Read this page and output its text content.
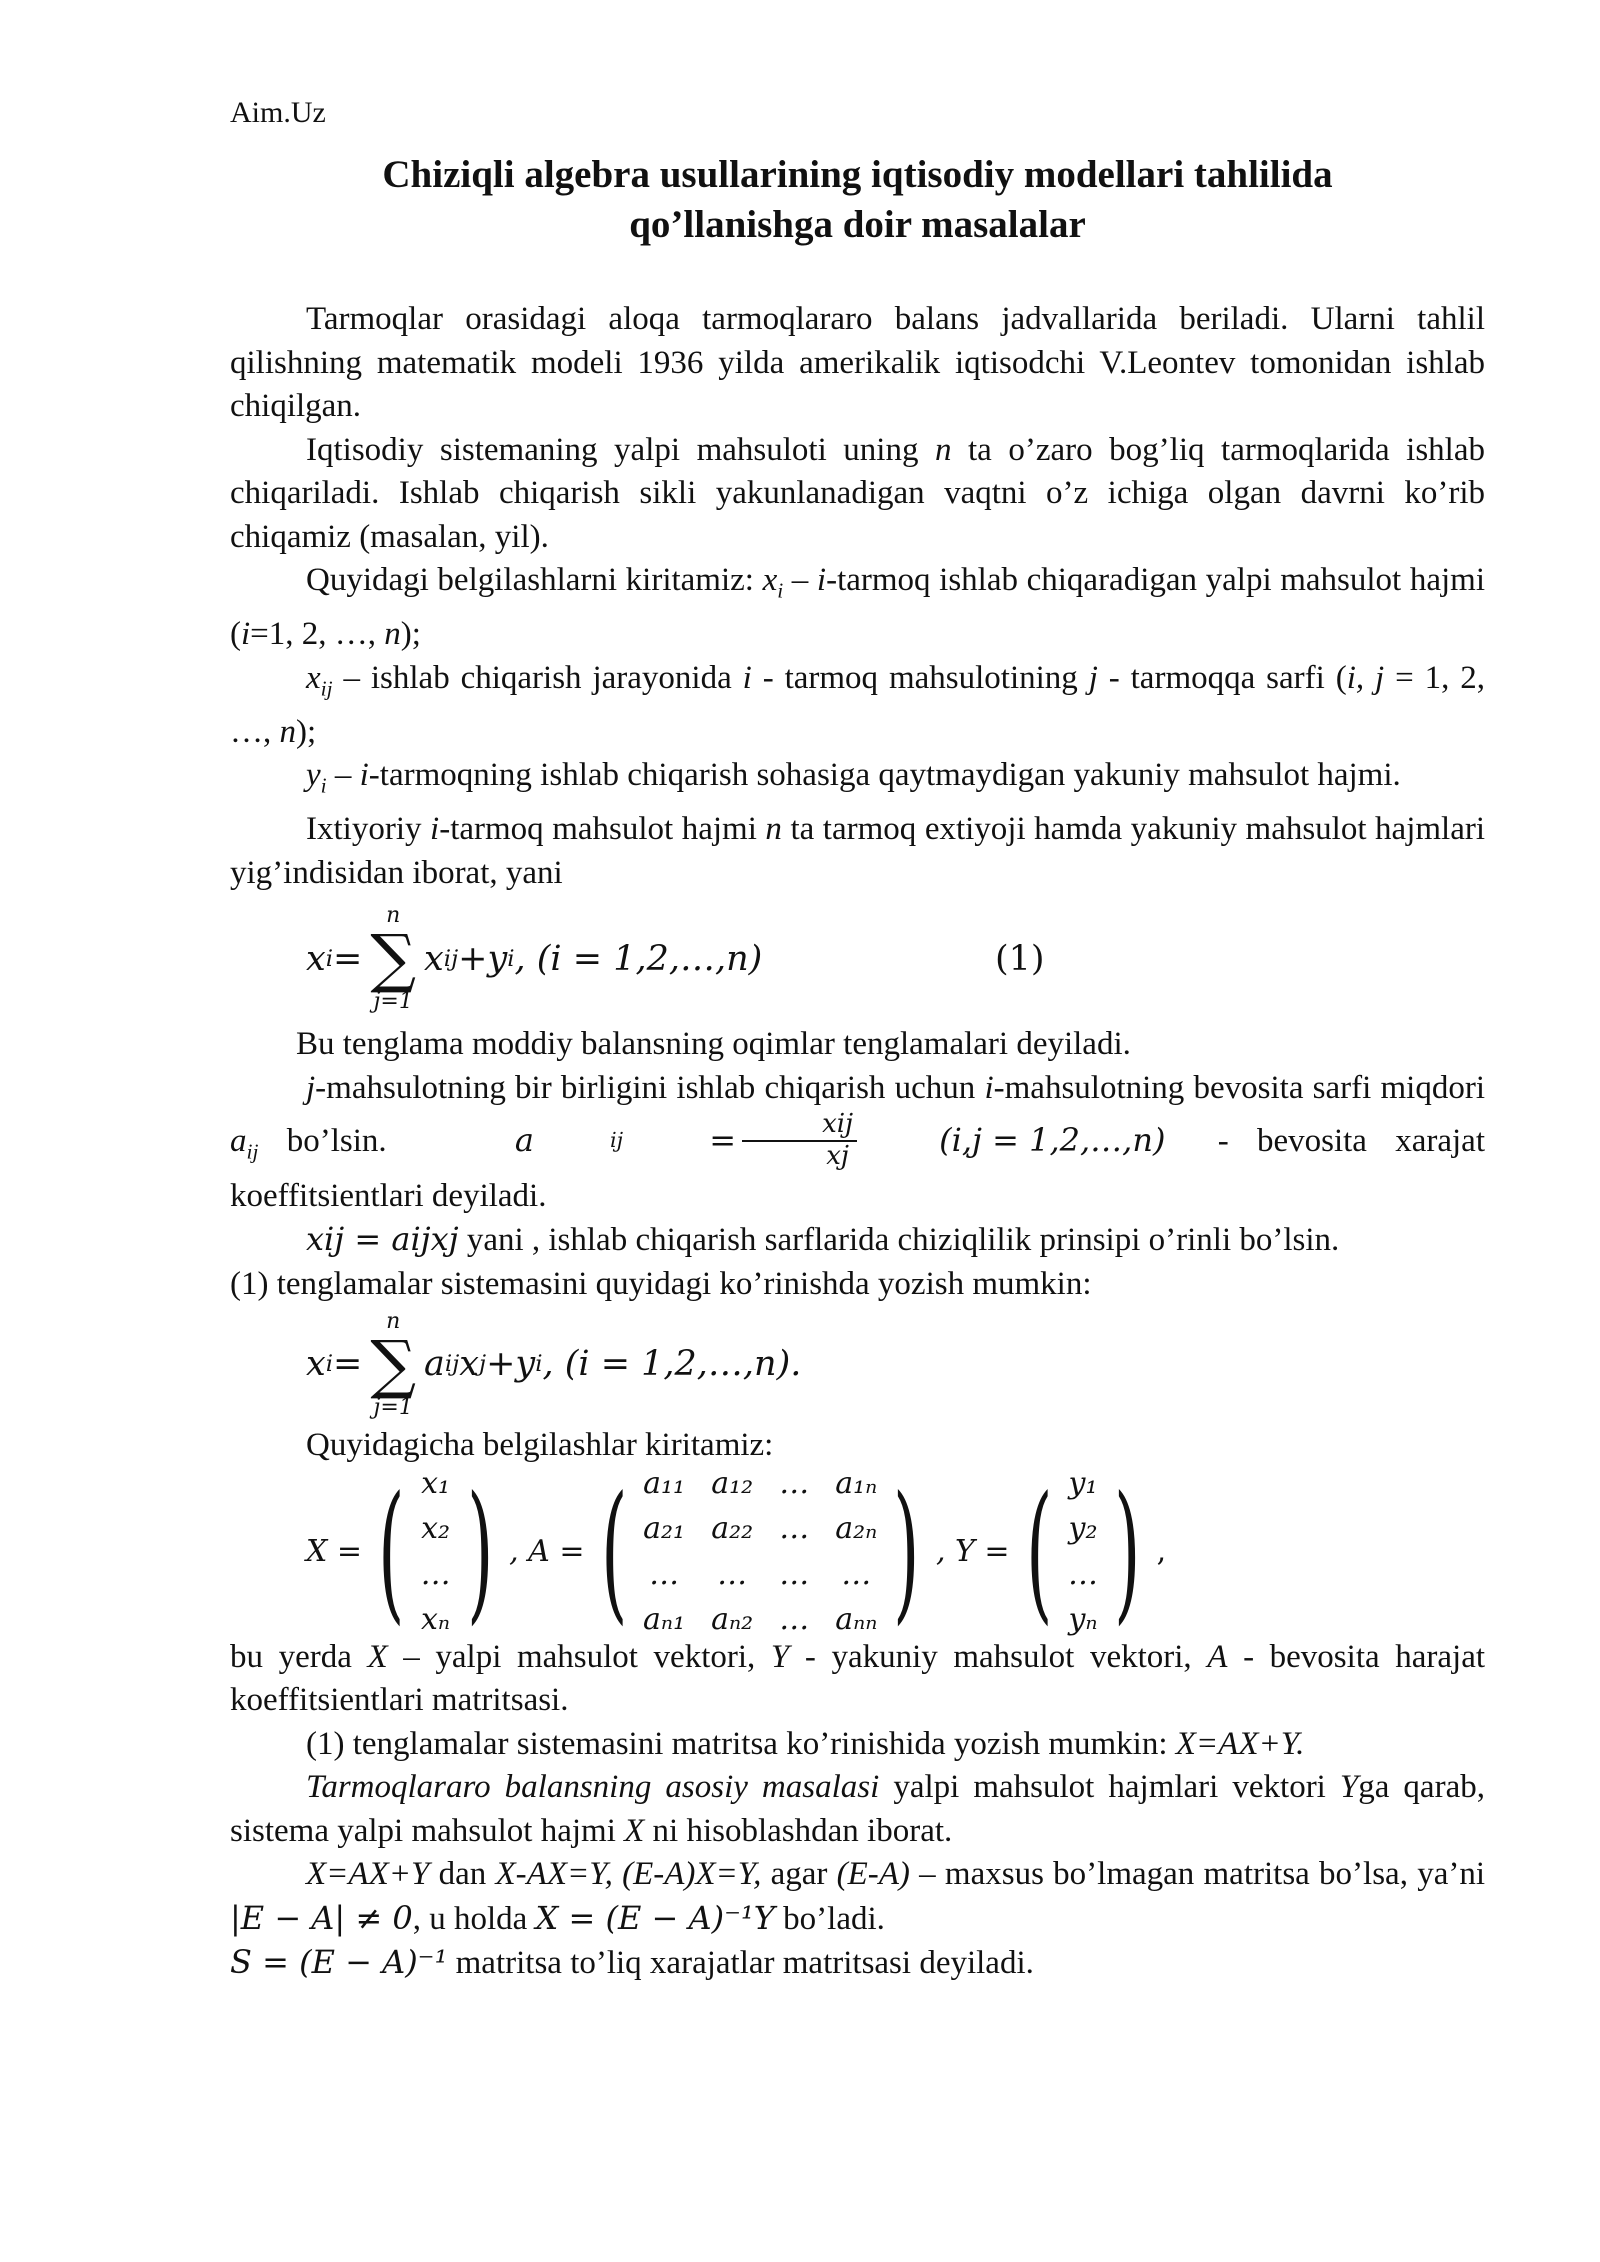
Aim.Uz
Chiziqli algebra usullarining iqtisodiy modellari tahlilida
qo’llanishga doir masalalar

Tarmoqlar orasidagi aloqa tarmoqlararo balans jadvallarida beriladi. Ularni tahlil qilishning matematik modeli 1936 yilda amerikalik iqtisodchi V.Leontev tomonidan ishlab chiqilgan.

Iqtisodiy sistemaning yalpi mahsuloti uning n ta o’zaro bog’liq tarmoqlarida ishlab chiqariladi. Ishlab chiqarish sikli yakunlanadigan vaqtni o’z ichiga olgan davrni ko’rib chiqamiz (masalan, yil).

Quyidagi belgilashlarni kiritamiz: $x_i$ – i-tarmoq ishlab chiqaradigan yalpi mahsulot hajmi (i=1, 2, …, n);

$x_{ij}$ – ishlab chiqarish jarayonida i - tarmoq mahsulotining j - tarmoqqa sarfi (i, j = 1, 2, …, n);

$y_i$ – i-tarmoqning ishlab chiqarish sohasiga qaytmaydigan yakuniy mahsulot hajmi.

Ixtiyoriy i-tarmoq mahsulot hajmi n ta tarmoq extiyoji hamda yakuniy mahsulot hajmlari yig’indisidan iborat, yani

x i =
n
∑
j=1
x ij + y i , (i = 1,2,…,n)	(1)

Bu tenglama moddiy balansning oqimlar tenglamalari deyiladi.

j-mahsulotning bir birligini ishlab chiqarish uchun i-mahsulotning bevosita sarfi miqdori $a_{ij}$ bo’lsin.	a	ij = $\frac{\text{xij}}{xj}$	(i,j = 1,2,…,n) - bevosita xarajat koeffitsientlari deyiladi.

xij = aijxj yani , ishlab chiqarish sarflarida chiziqlilik prinsipi o’rinli bo’lsin.

(1) tenglamalar sistemasini quyidagi ko’rinishda yozish mumkin:

x i =
n
∑
j=1
a ij x j + y i , (i = 1,2,…,n).

Quyidagicha belgilashlar kiritamiz:

X = ( x₁
x₂
…
xₙ ) , A = ( a₁₁ a₁₂ … a₁ₙ
a₂₁ a₂₂ … a₂ₙ
… … … …
aₙ₁ aₙ₂ … aₙₙ ) , Y = ( y₁
y₂
…
yₙ ) ,

bu yerda X – yalpi mahsulot vektori, Y - yakuniy mahsulot vektori, A - bevosita harajat koeffitsientlari matritsasi.

(1) tenglamalar sistemasini matritsa ko’rinishida yozish mumkin: X=AX+Y.

Tarmoqlararo balansning asosiy masalasi yalpi mahsulot hajmlari vektori Yga qarab, sistema yalpi mahsulot hajmi X ni hisoblashdan iborat.

X=AX+Y dan X-AX=Y, (E-A)X=Y, agar (E-A) – maxsus bo’lmagan matritsa bo’lsa, ya’ni |E − A| ≠ 0, u holda X = (E − A)⁻¹Y bo’ladi.

S = (E − A)⁻¹ matritsa to’liq xarajatlar matritsasi deyiladi.
